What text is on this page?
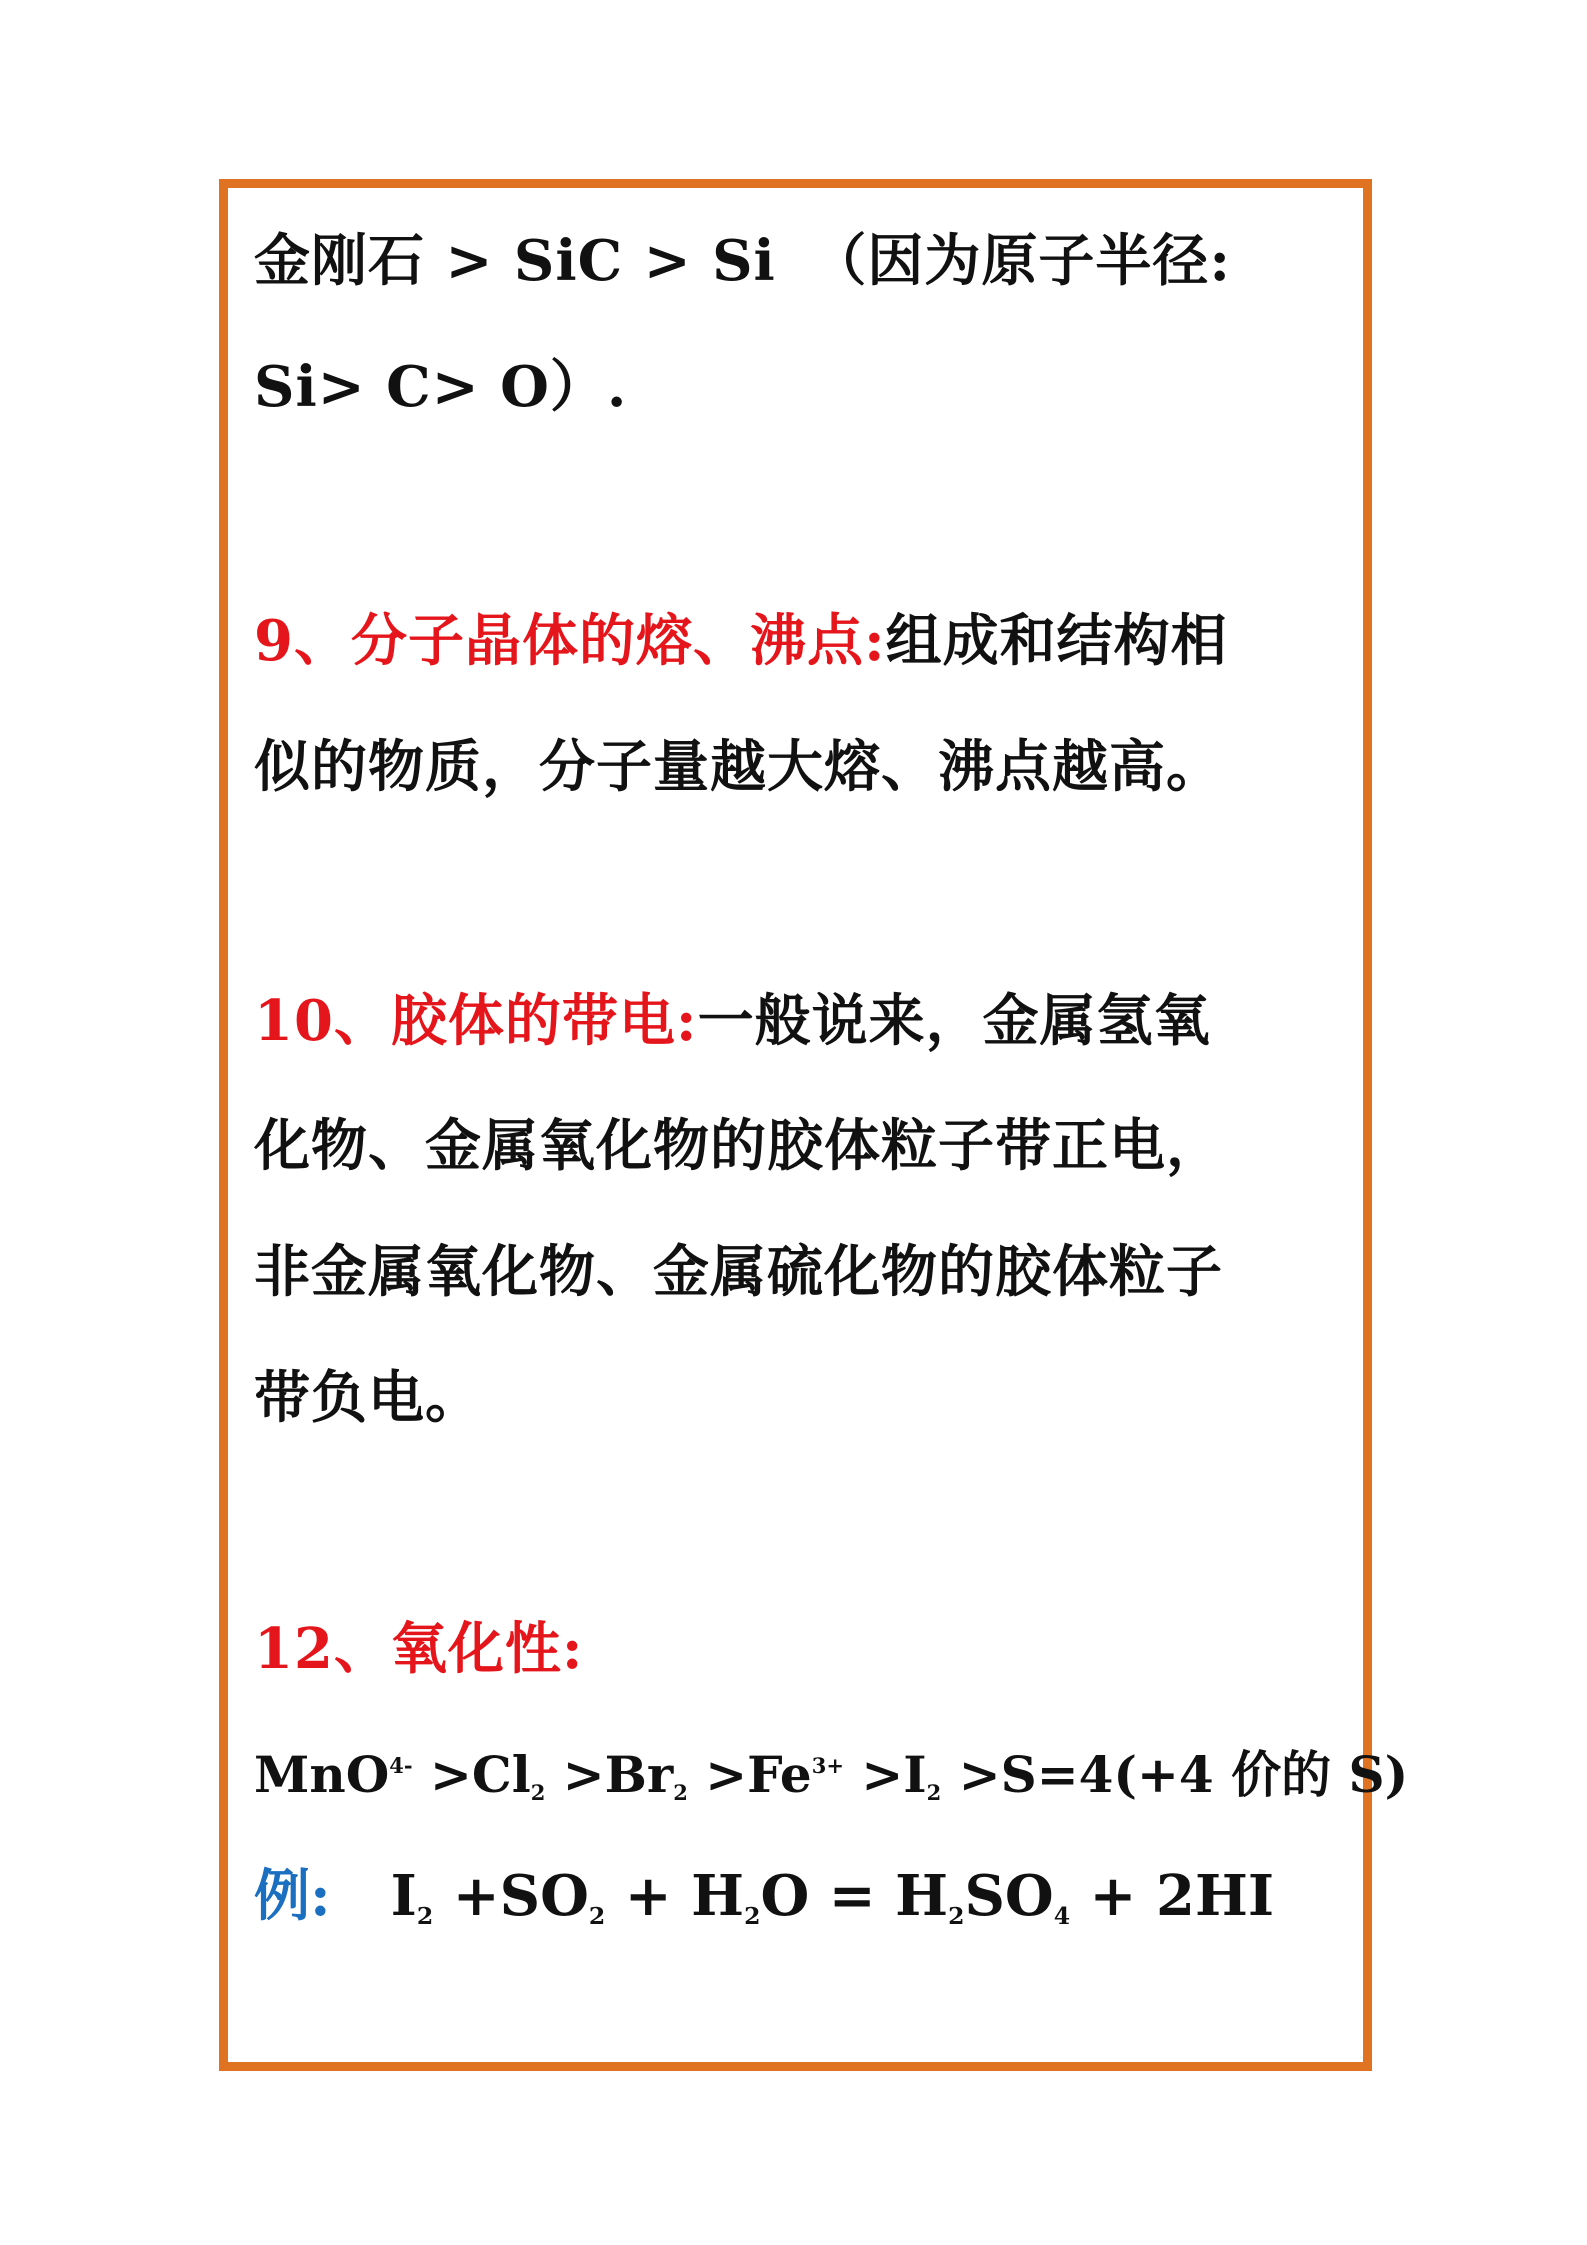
金刚石 > SiC > Si （因为原子半径:
Si> C> O）.
9、分子晶体的熔、沸点:组成和结构相
似的物质，分子量越大熔、沸点越高。
10、胶体的带电:一般说来，金属氢氧
化物、金属氧化物的胶体粒子带正电，
非金属氧化物、金属硫化物的胶体粒子
带负电。
12、氧化性:
$MnO^{4-} >Cl_2 >Br_2 >Fe^{3+} >I_2 >S=4(+4$ 价的 S)
例: $I_2 +SO_2 + H_2O = H_2SO_4 + 2HI$
